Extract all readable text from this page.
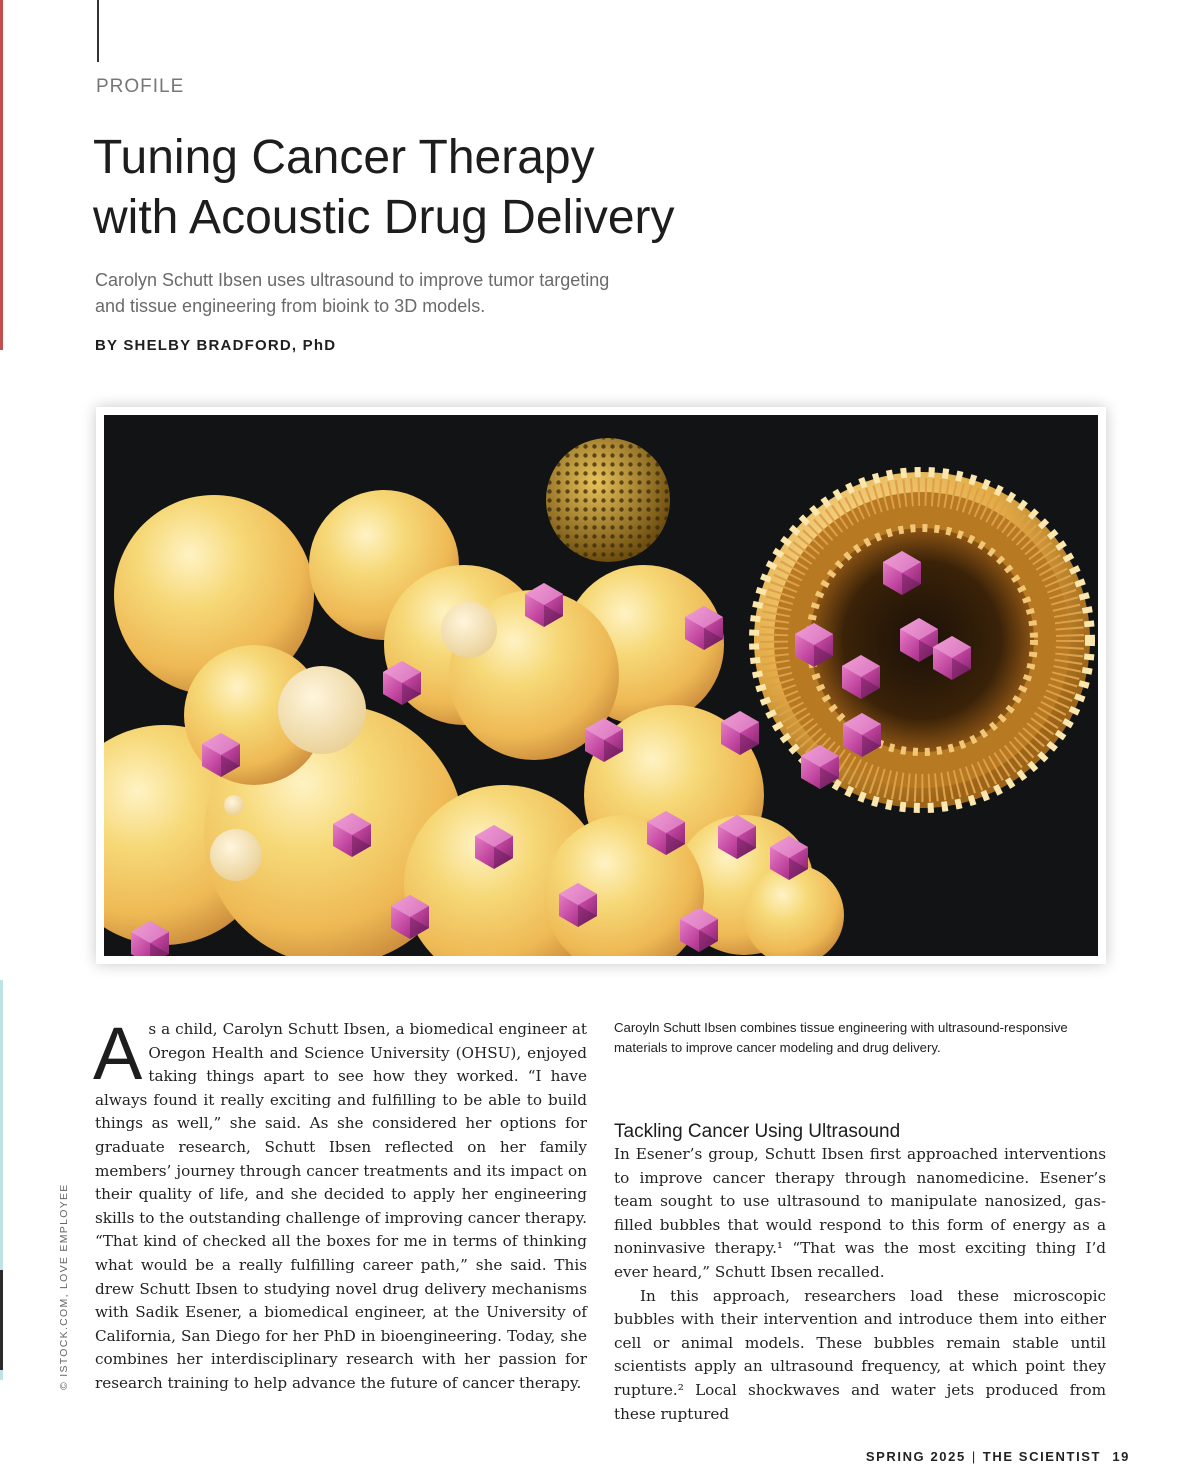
PROFILE
Tuning Cancer Therapy
with Acoustic Drug Delivery

Carolyn Schutt Ibsen uses ultrasound to improve tumor targeting
and tissue engineering from bioink to 3D models.

BY SHELBY BRADFORD, PhD
© ISTOCK.COM, LOVE EMPLOYEE
A s a child, Carolyn Schutt Ibsen, a biomedical engineer at Oregon Health and Science University (OHSU), enjoyed taking things apart to see how they worked. “I have always found it really exciting and fulfilling to be able to build things as well,” she said. As she considered her options for graduate research, Schutt Ibsen reflected on her family members’ journey through cancer treatments and its impact on their quality of life, and she decided to apply her engineering skills to the outstanding challenge of improving cancer therapy. “That kind of checked all the boxes for me in terms of thinking what would be a really fulfilling career path,” she said. This drew Schutt Ibsen to studying novel drug delivery mechanisms with Sadik Esener, a biomedical engineer, at the University of California, San Diego for her PhD in bioengineering. Today, she combines her interdisciplinary research with her passion for research training to help advance the future of cancer therapy.

Caroyln Schutt Ibsen combines tissue engineering with ultrasound-responsive materials to improve cancer modeling and drug delivery.

Tackling Cancer Using Ultrasound

In Esener’s group, Schutt Ibsen first approached interventions to improve cancer therapy through nanomedicine. Esener’s team sought to use ultrasound to manipulate nanosized, gas-filled bubbles that would respond to this form of energy as a noninvasive therapy.¹ “That was the most exciting thing I’d ever heard,” Schutt Ibsen recalled.

In this approach, researchers load these microscopic bubbles with their intervention and introduce them into either cell or animal models. These bubbles remain stable until scientists apply an ultrasound frequency, at which point they rupture.² Local shockwaves and water jets produced from these ruptured

SPRING 2025 | THE SCIENTIST 19
